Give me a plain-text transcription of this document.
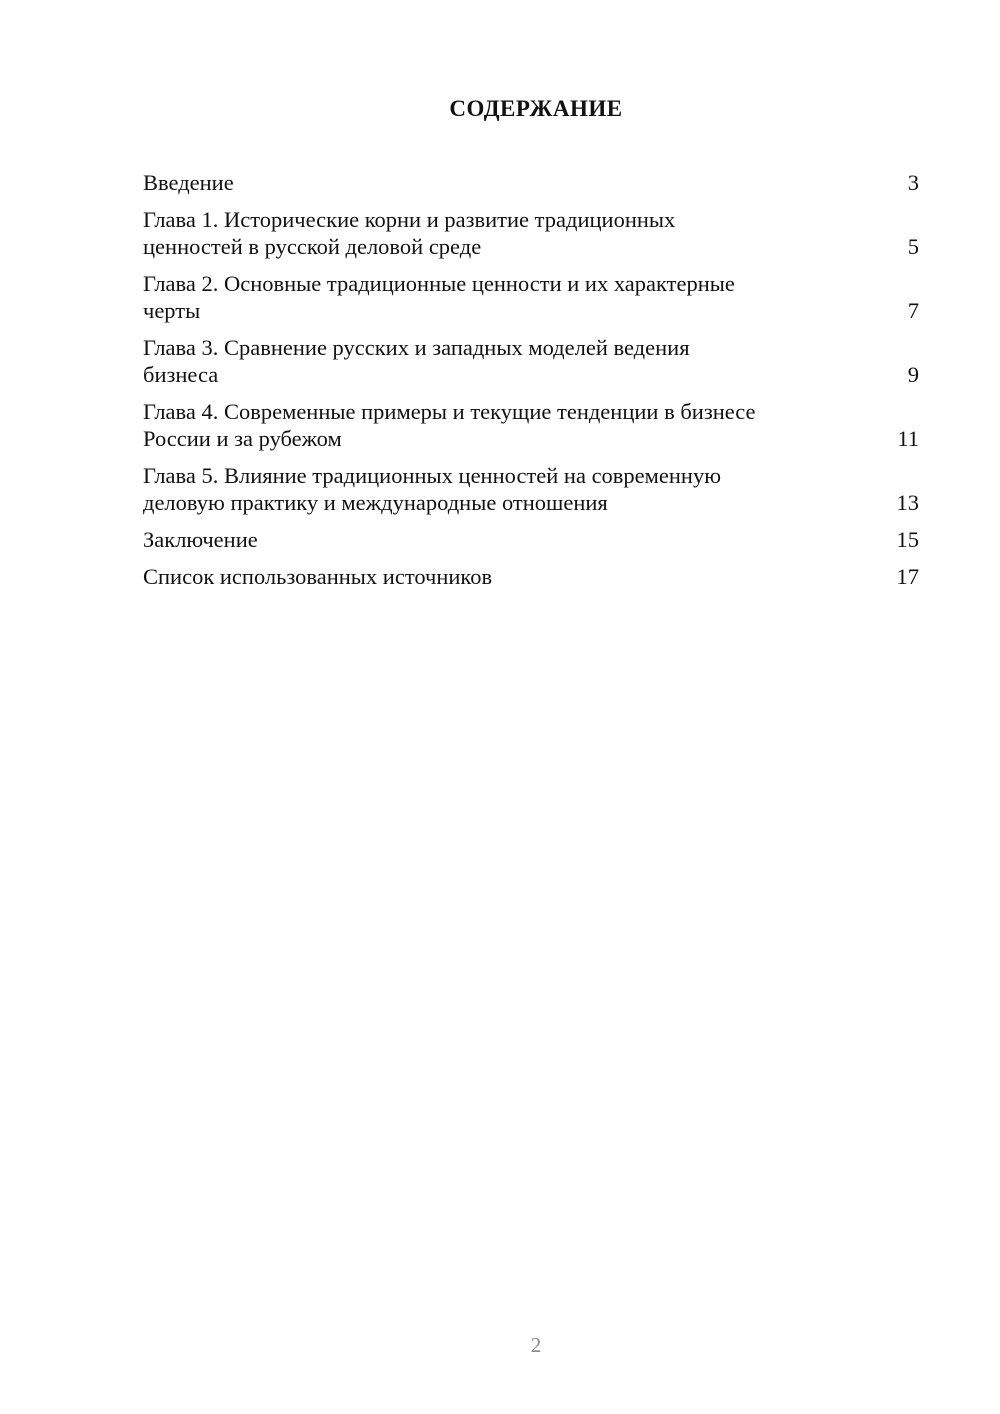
СОДЕРЖАНИЕ
Введение	3
Глава 1. Исторические корни и развитие традиционных
ценностей в русской деловой среде	5
Глава 2. Основные традиционные ценности и их характерные
черты	7
Глава 3. Сравнение русских и западных моделей ведения
бизнеса	9
Глава 4. Современные примеры и текущие тенденции в бизнесе
России и за рубежом	11
Глава 5. Влияние традиционных ценностей на современную
деловую практику и международные отношения	13
Заключение	15
Список использованных источников	17

2
